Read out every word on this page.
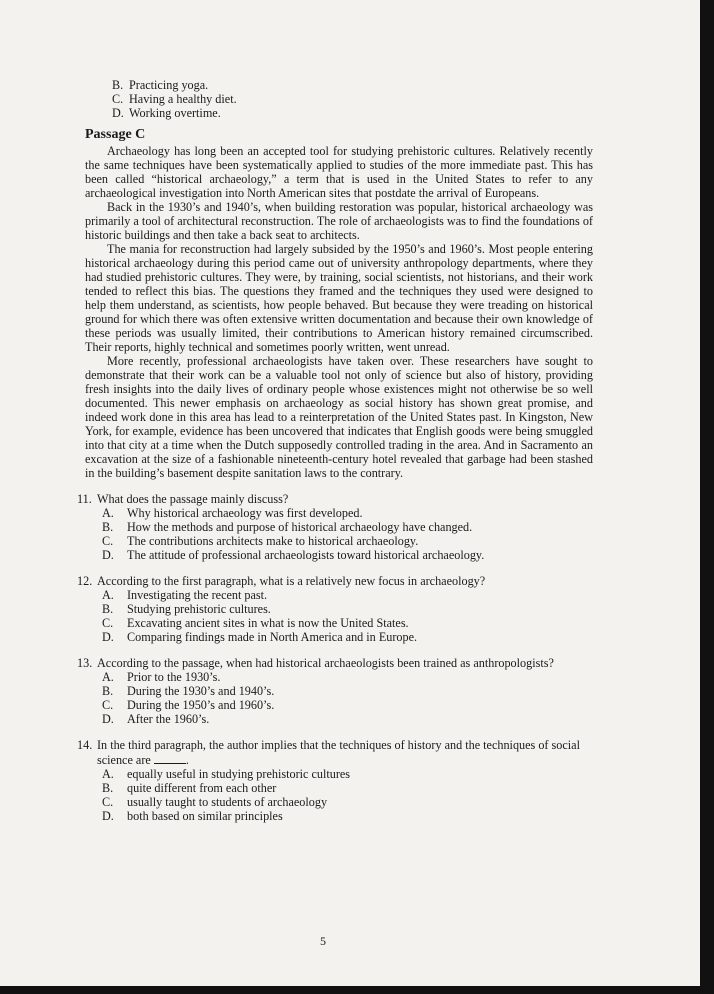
B. Practicing yoga.
C. Having a healthy diet.
D. Working overtime.
Passage C

Archaeology has long been an accepted tool for studying prehistoric cultures. Relatively recently the same techniques have been systematically applied to studies of the more immediate past. This has been called “historical archaeology,” a term that is used in the United States to refer to any archaeological investigation into North American sites that postdate the arrival of Europeans.

Back in the 1930’s and 1940’s, when building restoration was popular, historical archaeology was primarily a tool of architectural reconstruction. The role of archaeologists was to find the foundations of historic buildings and then take a back seat to architects.

The mania for reconstruction had largely subsided by the 1950’s and 1960’s. Most people entering historical archaeology during this period came out of university anthropology departments, where they had studied prehistoric cultures. They were, by training, social scientists, not historians, and their work tended to reflect this bias. The questions they framed and the techniques they used were designed to help them understand, as scientists, how people behaved. But because they were treading on historical ground for which there was often extensive written documentation and because their own knowledge of these periods was usually limited, their contributions to American history remained circumscribed. Their reports, highly technical and sometimes poorly written, went unread.

More recently, professional archaeologists have taken over. These researchers have sought to demonstrate that their work can be a valuable tool not only of science but also of history, providing fresh insights into the daily lives of ordinary people whose existences might not otherwise be so well documented. This newer emphasis on archaeology as social history has shown great promise, and indeed work done in this area has lead to a reinterpretation of the United States past. In Kingston, New York, for example, evidence has been uncovered that indicates that English goods were being smuggled into that city at a time when the Dutch supposedly controlled trading in the area. And in Sacramento an excavation at the size of a fashionable nineteenth-century hotel revealed that garbage had been stashed in the building’s basement despite sanitation laws to the contrary.

11. What does the passage mainly discuss?
A.	Why historical archaeology was first developed.
B.	How the methods and purpose of historical archaeology have changed.
C.	The contributions architects make to historical archaeology.
D.	The attitude of professional archaeologists toward historical archaeology.
12. According to the first paragraph, what is a relatively new focus in archaeology?
A.	Investigating the recent past.
B.	Studying prehistoric cultures.
C.	Excavating ancient sites in what is now the United States.
D.	Comparing findings made in North America and in Europe.
13. According to the passage, when had historical archaeologists been trained as anthropologists?
A.	Prior to the 1930’s.
B.	During the 1930’s and 1940’s.
C.	During the 1950’s and 1960’s.
D.	After the 1960’s.
14. In the third paragraph, the author implies that the techniques of history and the techniques of social science are	.
A.	equally useful in studying prehistoric cultures
B.	quite different from each other
C.	usually taught to students of archaeology
D.	both based on similar principles
5
